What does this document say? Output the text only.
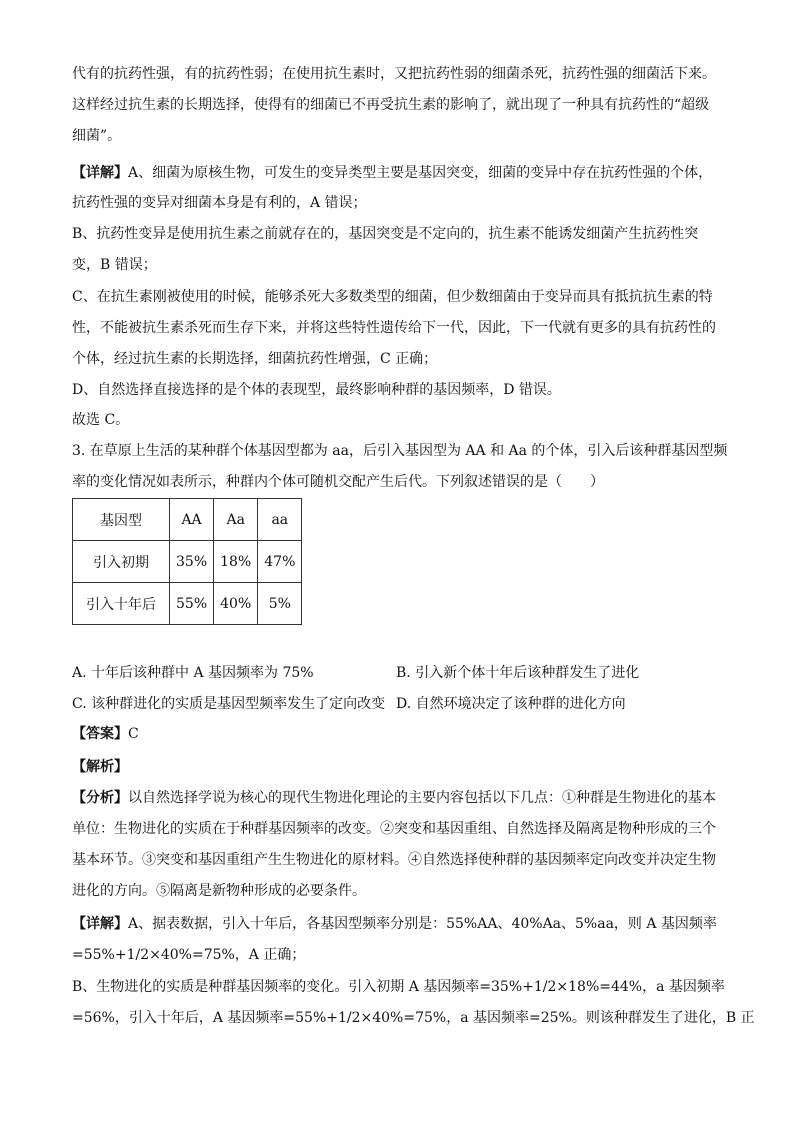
代有的抗药性强，有的抗药性弱；在使用抗生素时，又把抗药性弱的细菌杀死，抗药性强的细菌活下来。
这样经过抗生素的长期选择，使得有的细菌已不再受抗生素的影响了，就出现了一种具有抗药性的“超级
细菌”。
【详解】A、细菌为原核生物，可发生的变异类型主要是基因突变，细菌的变异中存在抗药性强的个体，
抗药性强的变异对细菌本身是有利的，A 错误；
B、抗药性变异是使用抗生素之前就存在的，基因突变是不定向的，抗生素不能诱发细菌产生抗药性突
变，B 错误；
C、在抗生素刚被使用的时候，能够杀死大多数类型的细菌，但少数细菌由于变异而具有抵抗抗生素的特
性，不能被抗生素杀死而生存下来，并将这些特性遗传给下一代，因此，下一代就有更多的具有抗药性的
个体，经过抗生素的长期选择，细菌抗药性增强，C 正确；
D、自然选择直接选择的是个体的表现型，最终影响种群的基因频率，D 错误。
故选 C。
3. 在草原上生活的某种群个体基因型都为 aa，后引入基因型为 AA 和 Aa 的个体，引入后该种群基因型频
率的变化情况如表所示，种群内个体可随机交配产生后代。下列叙述错误的是（　　）
基因型	AA	Aa	aa
引入初期	35%	18%	47%
引入十年后	55%	40%	5%
A. 十年后该种群中 A 基因频率为 75%	B. 引入新个体十年后该种群发生了进化
C. 该种群进化的实质是基因型频率发生了定向改变 D. 自然环境决定了该种群的进化方向
【答案】C
【解析】
【分析】以自然选择学说为核心的现代生物进化理论的主要内容包括以下几点：①种群是生物进化的基本
单位：生物进化的实质在于种群基因频率的改变。②突变和基因重组、自然选择及隔离是物种形成的三个
基本环节。③突变和基因重组产生生物进化的原材料。④自然选择使种群的基因频率定向改变并决定生物
进化的方向。⑤隔离是新物种形成的必要条件。
【详解】A、据表数据，引入十年后，各基因型频率分别是：55%AA、40%Aa、5%aa，则 A 基因频率
=55%+1/2×40%=75%，A 正确；
B、生物进化的实质是种群基因频率的变化。引入初期 A 基因频率=35%+1/2×18%=44%，a 基因频率
=56%，引入十年后，A 基因频率=55%+1/2×40%=75%，a 基因频率=25%。则该种群发生了进化，B 正
